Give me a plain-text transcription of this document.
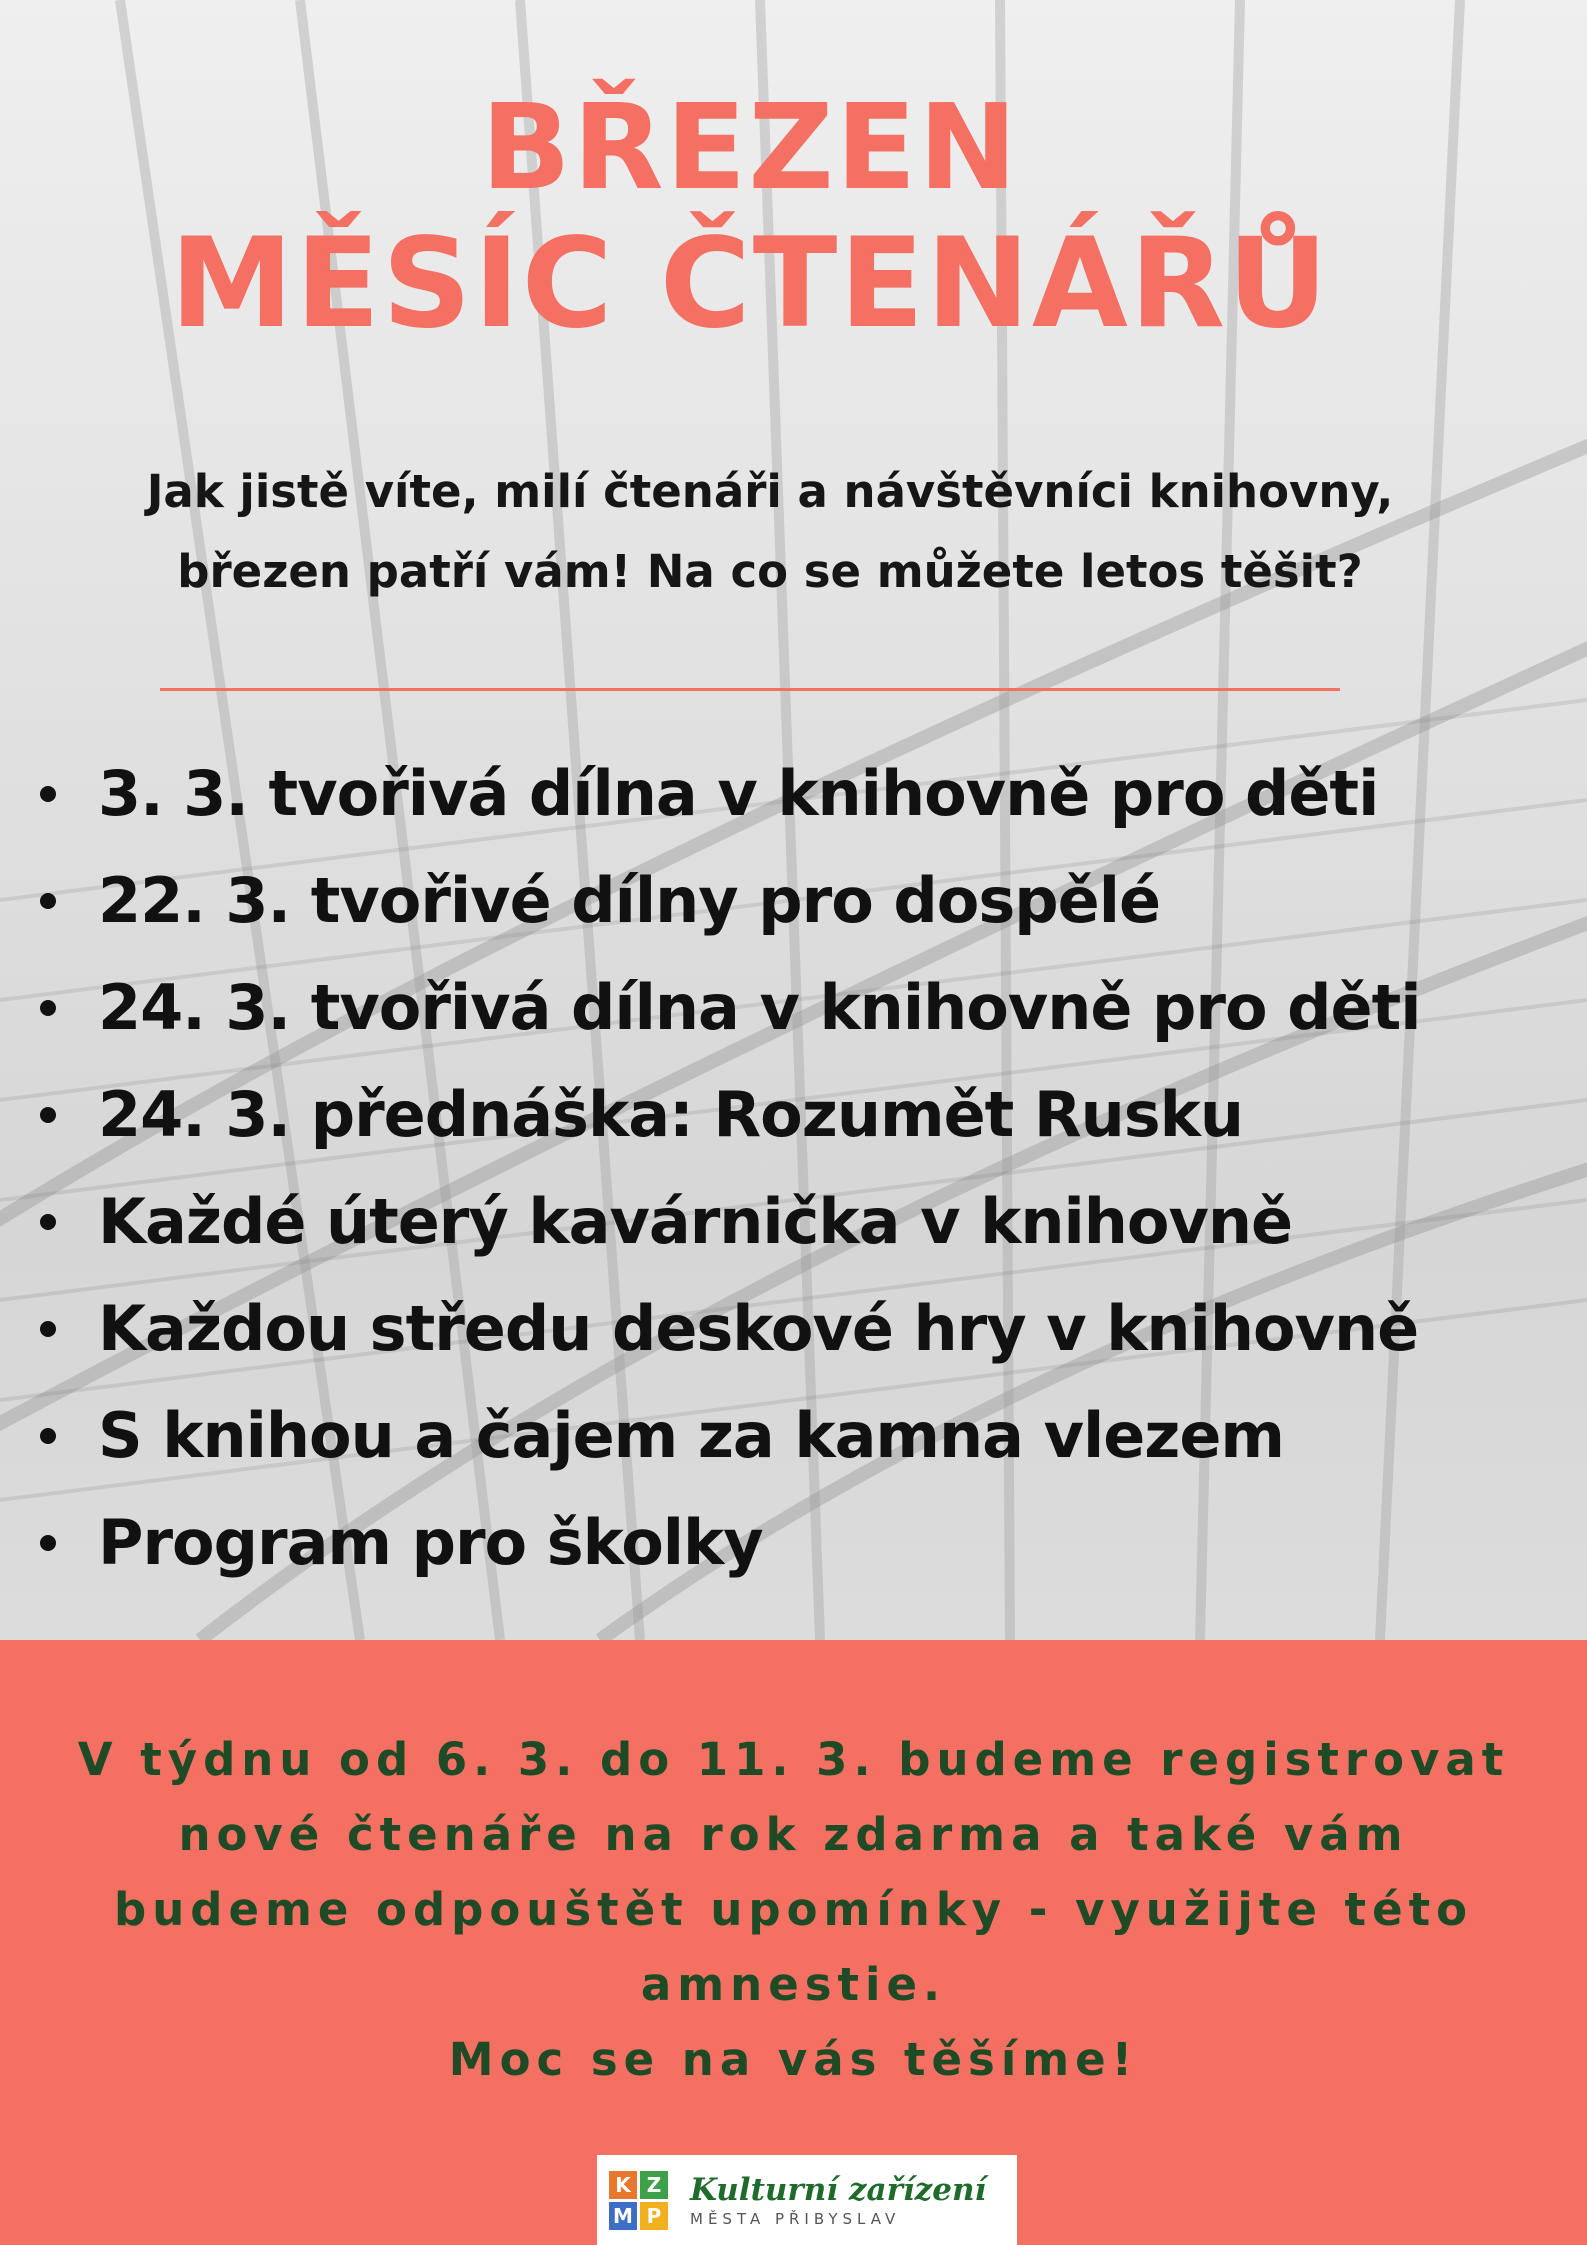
BŘEZEN
MĚSÍC ČTENÁŘŮ
Jak jistě víte, milí čtenáři a návštěvníci knihovny,
březen patří vám! Na co se můžete letos těšit?
3. 3. tvořivá dílna v knihovně pro děti
22. 3. tvořivé dílny pro dospělé
24. 3. tvořivá dílna v knihovně pro děti
24. 3. přednáška: Rozumět Rusku
Každé úterý kavárnička v knihovně
Každou středu deskové hry v knihovně
S knihou a čajem za kamna vlezem
Program pro školky

V týdnu od 6. 3. do 11. 3. budeme registrovat

nové čtenáře na rok zdarma a také vám

budeme odpouštět upomínky - využijte této

amnestie.

Moc se na vás těšíme!

K Z
M P
Kulturní zařízení
MĚSTA PŘIBYSLAV
